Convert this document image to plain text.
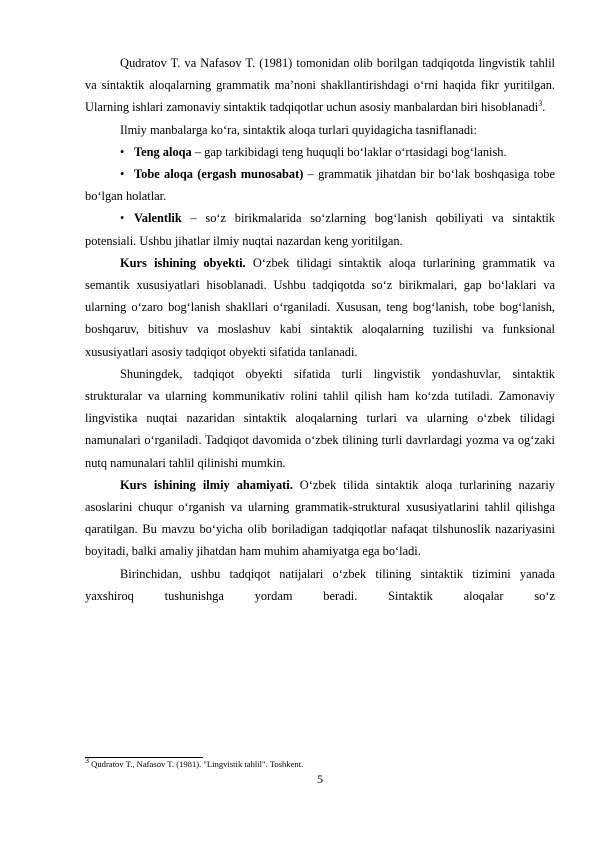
Qudratov T. va Nafasov T. (1981) tomonidan olib borilgan tadqiqotda lingvistik tahlil va sintaktik aloqalarning grammatik ma’noni shakllantirishdagi o‘rni haqida fikr yuritilgan. Ularning ishlari zamonaviy sintaktik tadqiqotlar uchun asosiy manbalardan biri hisoblanadi$^3$.

Ilmiy manbalarga ko‘ra, sintaktik aloqa turlari quyidagicha tasniflanadi:

• Teng aloqa – gap tarkibidagi teng huquqli bo‘laklar o‘rtasidagi bog‘lanish.
• Tobe aloqa (ergash munosabat) – grammatik jihatdan bir bo‘lak boshqasiga tobe bo‘lgan holatlar.
• Valentlik – so‘z birikmalarida so‘zlarning bog‘lanish qobiliyati va sintaktik potensiali. Ushbu jihatlar ilmiy nuqtai nazardan keng yoritilgan.

Kurs ishining obyekti. O‘zbek tilidagi sintaktik aloqa turlarining grammatik va semantik xususiyatlari hisoblanadi. Ushbu tadqiqotda so‘z birikmalari, gap bo‘laklari va ularning o‘zaro bog‘lanish shakllari o‘rganiladi. Xususan, teng bog‘lanish, tobe bog‘lanish, boshqaruv, bitishuv va moslashuv kabi sintaktik aloqalarning tuzilishi va funksional xususiyatlari asosiy tadqiqot obyekti sifatida tanlanadi.

Shuningdek, tadqiqot obyekti sifatida turli lingvistik yondashuvlar, sintaktik strukturalar va ularning kommunikativ rolini tahlil qilish ham ko‘zda tutiladi. Zamonaviy lingvistika nuqtai nazaridan sintaktik aloqalarning turlari va ularning o‘zbek tilidagi namunalari o‘rganiladi. Tadqiqot davomida o‘zbek tilining turli davrlardagi yozma va og‘zaki nutq namunalari tahlil qilinishi mumkin.

Kurs ishining ilmiy ahamiyati. O‘zbek tilida sintaktik aloqa turlarining nazariy asoslarini chuqur o‘rganish va ularning grammatik-struktural xususiyatlarini tahlil qilishga qaratilgan. Bu mavzu bo‘yicha olib boriladigan tadqiqotlar nafaqat tilshunoslik nazariyasini boyitadi, balki amaliy jihatdan ham muhim ahamiyatga ega bo‘ladi.

Birinchidan, ushbu tadqiqot natijalari o‘zbek tilining sintaktik tizimini yanada yaxshiroq tushunishga yordam beradi. Sintaktik aloqalar so‘z

$^3$ Qudratov T., Nafasov T. (1981). "Lingvistik tahlil". Toshkent.
5
